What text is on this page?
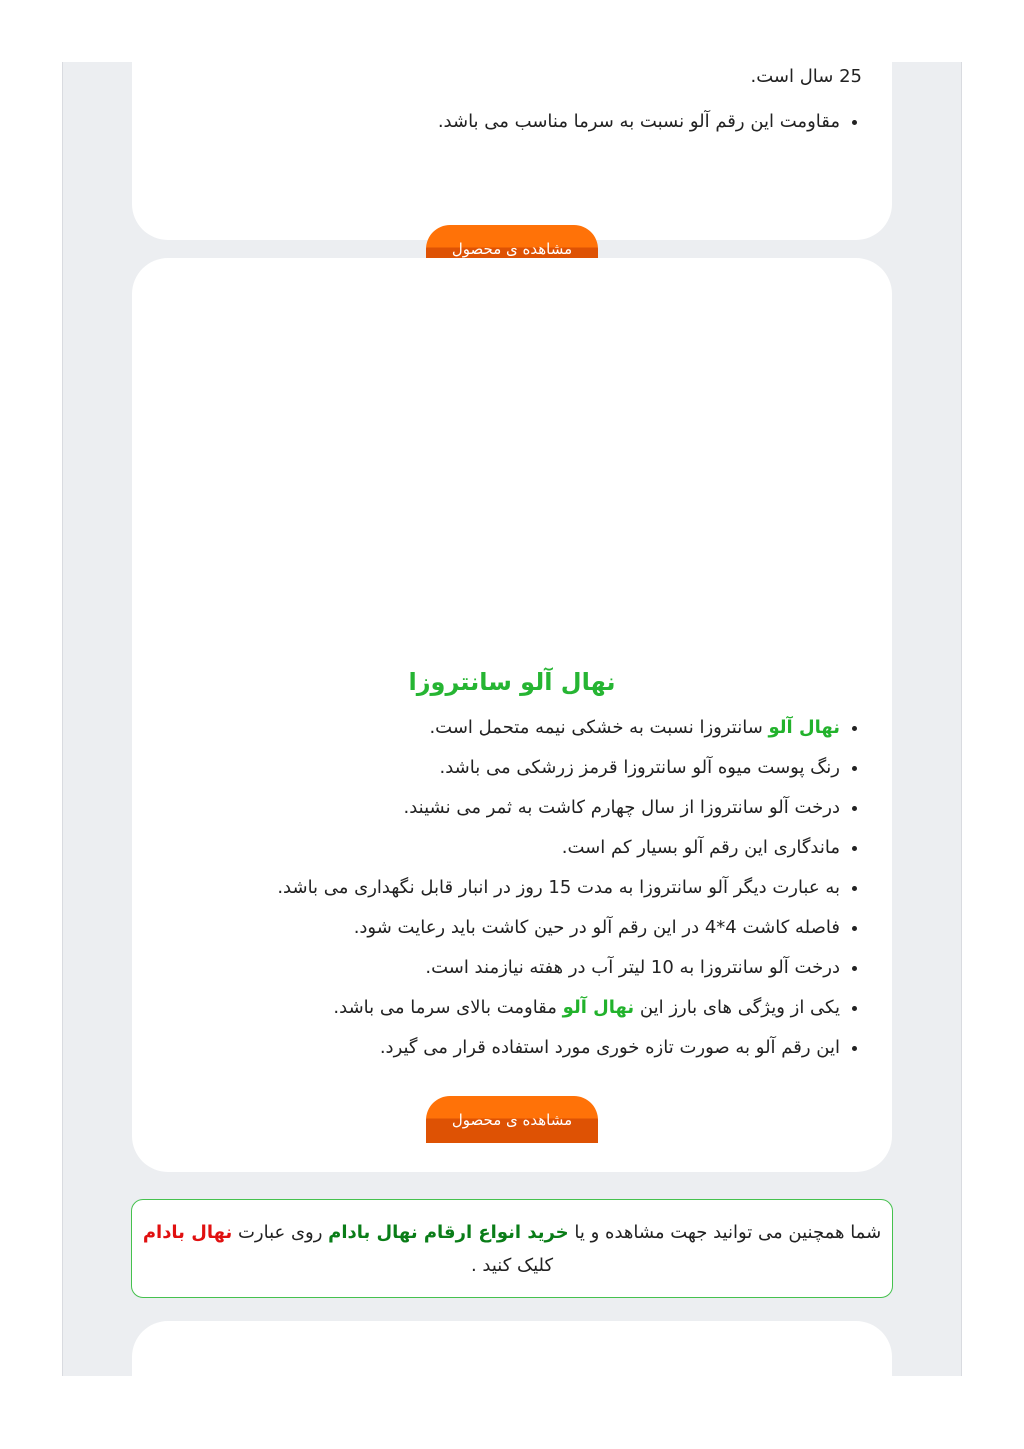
25 سال است.
• مقاومت این رقم آلو نسبت به سرما مناسب می باشد.
مشاهده ی محصول
نهال آلو سانتروزا
• نهال آلو سانتروزا نسبت به خشکی نیمه متحمل است.
• رنگ پوست میوه آلو سانتروزا قرمز زرشکی می باشد.
• درخت آلو سانتروزا از سال چهارم کاشت به ثمر می نشیند.
• ماندگاری این رقم آلو بسیار کم است.
• به عبارت دیگر آلو سانتروزا به مدت 15 روز در انبار قابل نگهداری می باشد.
• فاصله کاشت 4*4 در این رقم آلو در حین کاشت باید رعایت شود.
• درخت آلو سانتروزا به 10 لیتر آب در هفته نیازمند است.
• یکی از ویژگی های بارز این نهال آلو مقاومت بالای سرما می باشد.
• این رقم آلو به صورت تازه خوری مورد استفاده قرار می گیرد.
مشاهده ی محصول
شما همچنین می توانید جهت مشاهده و یا خرید انواع ارقام نهال بادام روی عبارت نهال بادام کلیک کنید .
